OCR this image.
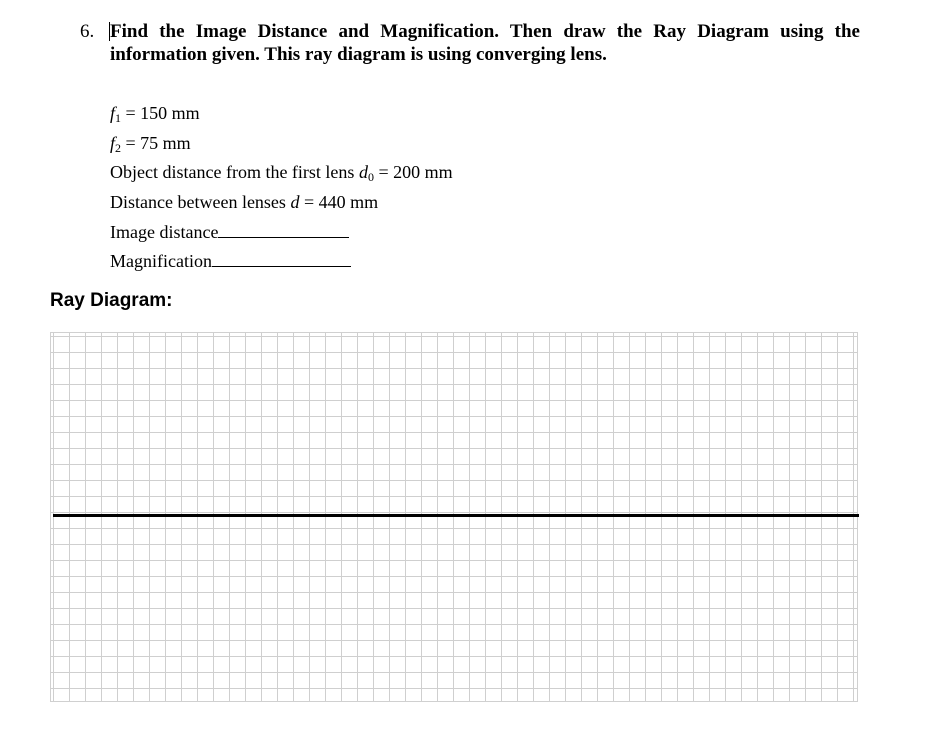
6. Find the Image Distance and Magnification. Then draw the Ray Diagram using the information given. This ray diagram is using converging lens.
$f_1 = 150$ mm
$f_2 = 75$ mm
Object distance from the first lens $d_0 = 200$ mm
Distance between lenses d = 440 mm
Image distance
Magnification
Ray Diagram:
